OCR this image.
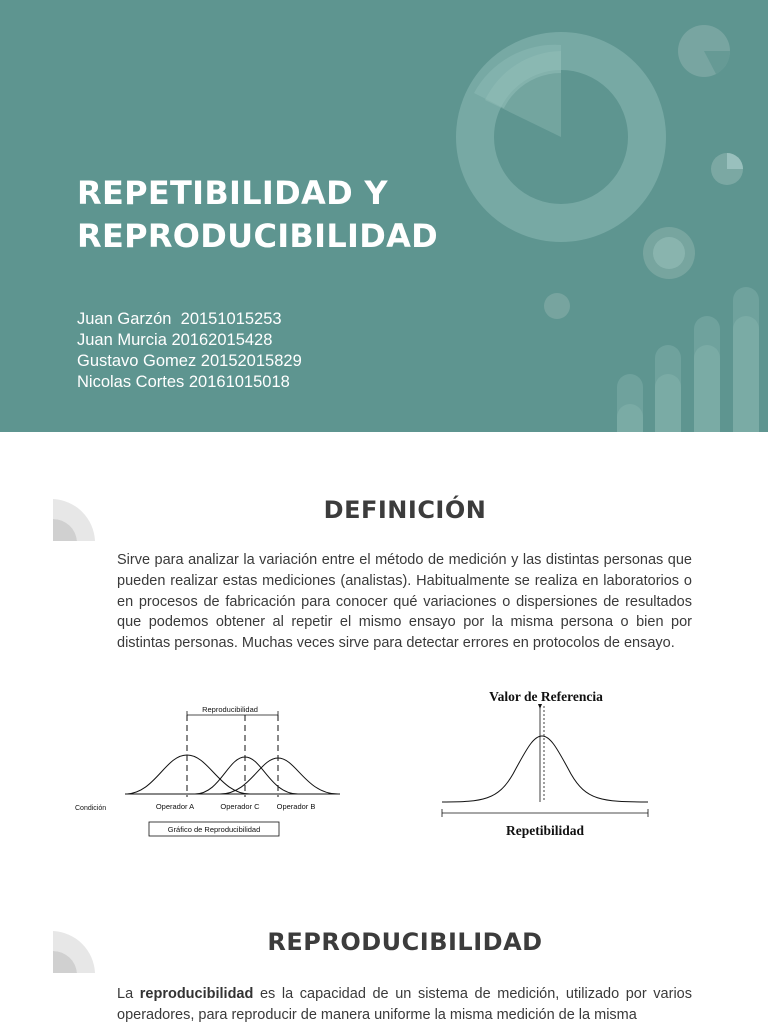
REPETIBILIDAD Y
REPRODUCIBILIDAD
Juan Garzón  20151015253
Juan Murcia 20162015428
Gustavo Gomez 20152015829
Nicolas Cortes 20161015018
DEFINICIÓN

Sirve para analizar la variación entre el método de medición y las distintas personas que pueden realizar estas mediciones (analistas). Habitualmente se realiza en laboratorios o en procesos de fabricación para conocer qué variaciones o dispersiones de resultados que podemos obtener al repetir el mismo ensayo por la misma persona o bien por distintas personas. Muchas veces sirve para detectar errores en protocolos de ensayo.

Reproducibilidad
Condición	Operador A	Operador C Operador B
Gráfico de Reproducibilidad
Valor de Referencia
Repetibilidad
REPRODUCIBILIDAD

La reproducibilidad es la capacidad de un sistema de medición, utilizado por varios operadores, para reproducir de manera uniforme la misma medición de la misma
